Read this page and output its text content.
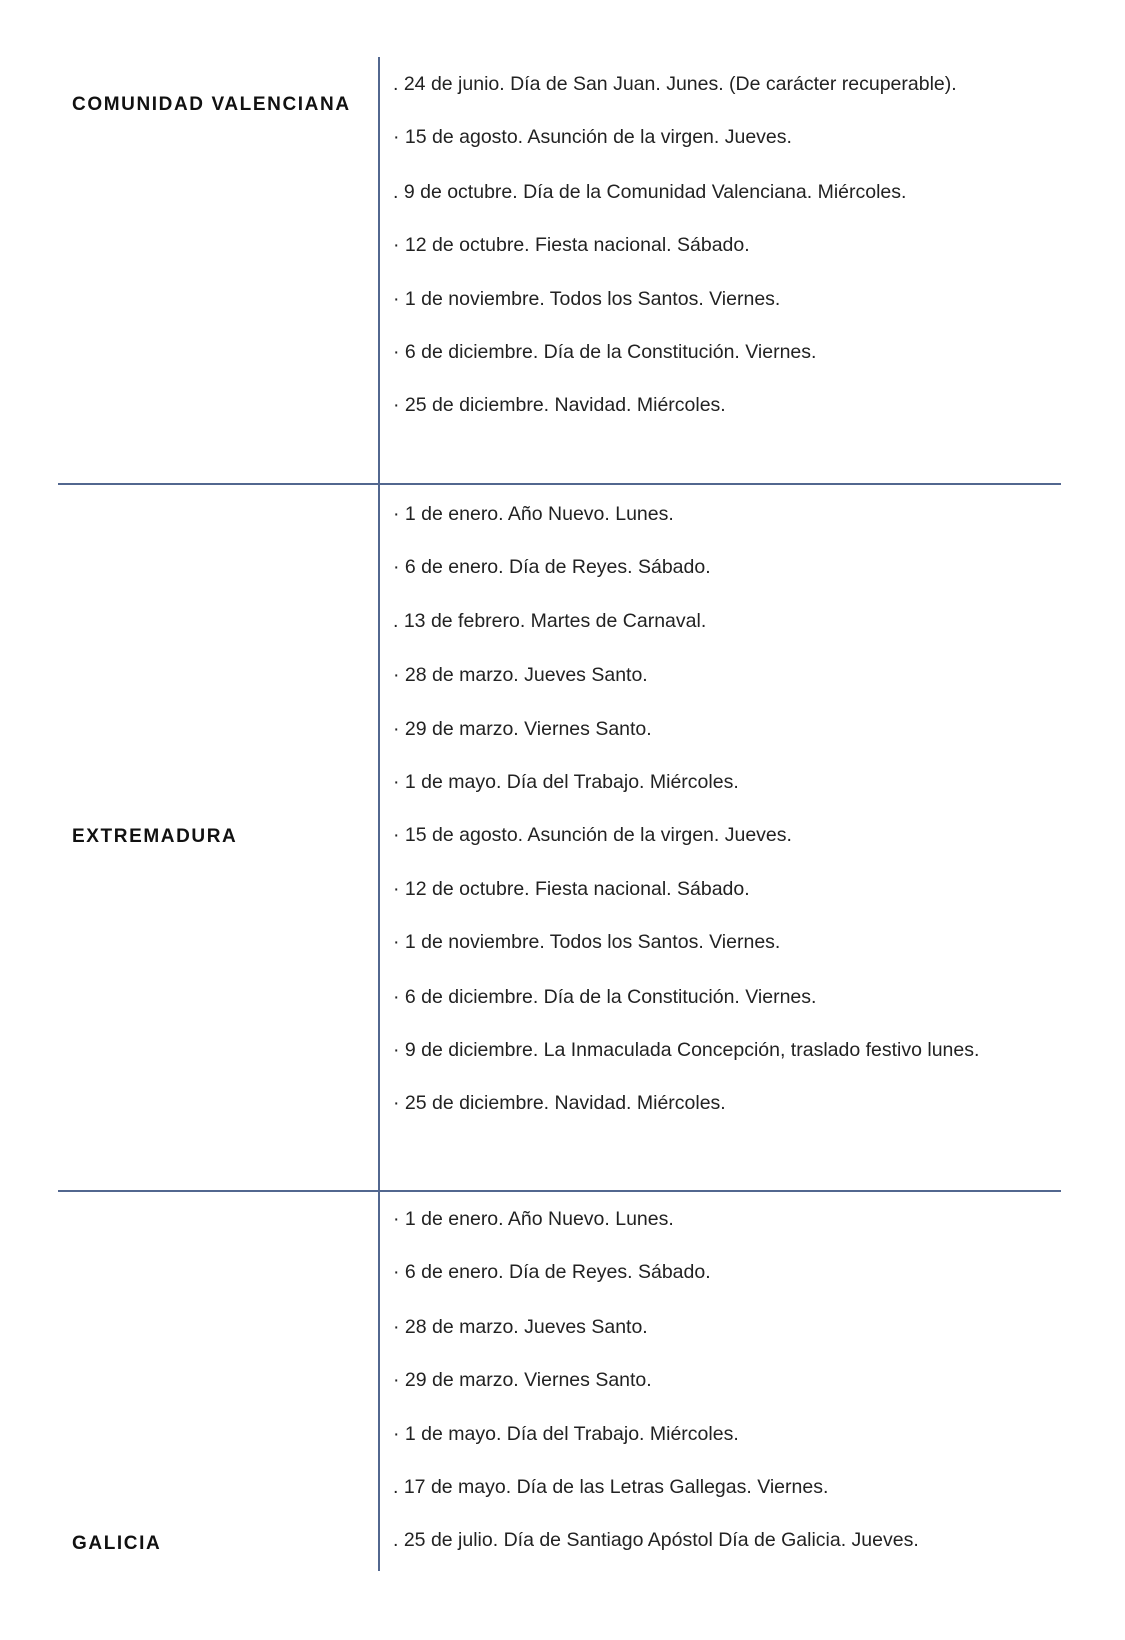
COMUNIDAD VALENCIANA
EXTREMADURA
GALICIA
. 24 de junio. Día de San Juan. Junes. (De carácter recuperable).
· 15 de agosto. Asunción de la virgen. Jueves.
. 9 de octubre. Día de la Comunidad Valenciana. Miércoles.
· 12 de octubre. Fiesta nacional. Sábado.
· 1 de noviembre. Todos los Santos. Viernes.
· 6 de diciembre. Día de la Constitución. Viernes.
· 25 de diciembre. Navidad. Miércoles.
· 1 de enero. Año Nuevo. Lunes.
· 6 de enero. Día de Reyes. Sábado.
. 13 de febrero. Martes de Carnaval.
· 28 de marzo. Jueves Santo.
· 29 de marzo. Viernes Santo.
· 1 de mayo. Día del Trabajo. Miércoles.
· 15 de agosto. Asunción de la virgen. Jueves.
· 12 de octubre. Fiesta nacional. Sábado.
· 1 de noviembre. Todos los Santos. Viernes.
· 6 de diciembre. Día de la Constitución. Viernes.
· 9 de diciembre. La Inmaculada Concepción, traslado festivo lunes.
· 25 de diciembre. Navidad. Miércoles.
· 1 de enero. Año Nuevo. Lunes.
· 6 de enero. Día de Reyes. Sábado.
· 28 de marzo. Jueves Santo.
· 29 de marzo. Viernes Santo.
· 1 de mayo. Día del Trabajo. Miércoles.
. 17 de mayo. Día de las Letras Gallegas. Viernes.
. 25 de julio. Día de Santiago Apóstol Día de Galicia. Jueves.
